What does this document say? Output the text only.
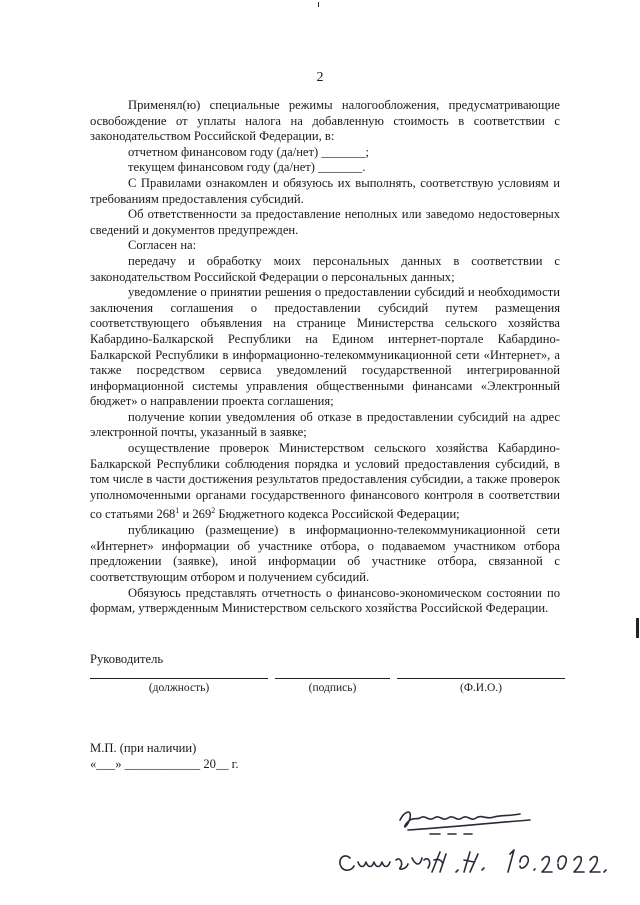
2

Применял(ю) специальные режимы налогообложения, предусматривающие освобождение от уплаты налога на добавленную стоимость в соответствии с законодательством Российской Федерации, в:

отчетном финансовом году (да/нет) _______;

текущем финансовом году (да/нет) _______.

С Правилами ознакомлен и обязуюсь их выполнять, соответствую условиям и требованиям предоставления субсидий.

Об ответственности за предоставление неполных или заведомо недостоверных сведений и документов предупрежден.

Согласен на:

передачу и обработку моих персональных данных в соответствии с законодательством Российской Федерации о персональных данных;

уведомление о принятии решения о предоставлении субсидий и необходимости заключения соглашения о предоставлении субсидий путем размещения соответствующего объявления на странице Министерства сельского хозяйства Кабардино-Балкарской Республики на Едином интернет-портале Кабардино-Балкарской Республики в информационно-телекоммуникационной сети «Интернет», а также посредством сервиса уведомлений государственной интегрированной информационной системы управления общественными финансами «Электронный бюджет» о направлении проекта соглашения;

получение копии уведомления об отказе в предоставлении субсидий на адрес электронной почты, указанный в заявке;

осуществление проверок Министерством сельского хозяйства Кабардино-Балкарской Республики соблюдения порядка и условий предоставления субсидий, в том числе в части достижения результатов предоставления субсидии, а также проверок уполномоченными органами государственного финансового контроля в соответствии со статьями $268^1$ и $269^2$ Бюджетного кодекса Российской Федерации;

публикацию (размещение) в информационно-телекоммуникационной сети «Интернет» информации об участнике отбора, о подаваемом участником отбора предложении (заявке), иной информации об участнике отбора, связанной с соответствующим отбором и получением субсидий.

Обязуюсь представлять отчетность о финансово-экономическом состоянии по формам, утвержденным Министерством сельского хозяйства Российской Федерации.

Руководитель
(должность)	(подпись)	(Ф.И.О.)
М.П. (при наличии)
«___» ____________ 20__ г.
